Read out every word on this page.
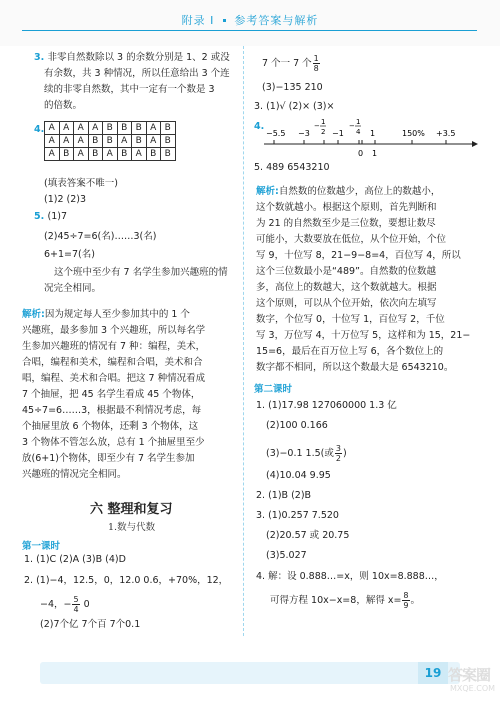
附录 I 参考答案与解析
3. 非零自然数除以 3 的余数分别是 1、2 或没
有余数，共 3 种情况，所以任意给出 3 个连
续的非零自然数，其中一定有一个数是 3
的倍数。
4. A	A	A	A	B	B	B	A	B
A	A	A	B	B	A	B	A	B
A	B	A	B	A	B	A	B	B
(填表答案不唯一)
(1)2 (2)3
5. (1)7
(2)45÷7=6(名)……3(名)
6+1=7(名)
这个班中至少有 7 名学生参加兴趣班的情
况完全相同。
解析:因为规定每人至少参加其中的 1 个
兴趣班，最多参加 3 个兴趣班，所以每名学
生参加兴趣班的情况有 7 种：编程，美术，
合唱，编程和美术，编程和合唱，美术和合
唱，编程、美术和合唱。把这 7 种情况看成
7 个抽屉，把 45 名学生看成 45 个物体，
45÷7=6……3，根据最不利情况考虑，每
个抽屉里放 6 个物体，还剩 3 个物体，这
3 个物体不管怎么放，总有 1 个抽屉里至少
放(6+1)个物体，即至少有 7 名学生参加
兴趣班的情况完全相同。
六 整理和复习
1.数与代数
第一课时
1. (1)C (2)A (3)B (4)D
2. (1)−4，12.5，0，12.0 0.6，+70%，12，
−4，− $\frac{5}{4} 0$
(2)7个亿 7个百 7个0.1
7 个一 7 个 $\frac{1}{8}$
(3)−135 210
3. (1)√ (2)× (3)×
4.
−5.5 −3
− 1
2 −1
− 1
4 1	150% +3.5
0 1
5. 489 6543210
解析:自然数的位数越少，高位上的数越小，
这个数就越小。根据这个原则，首先判断和
为 21 的自然数至少是三位数，要想让数尽
可能小，大数要放在低位，从个位开始，个位
写 9，十位写 8，21−9−8=4，百位写 4，所以
这个三位数最小是“489”。自然数的位数越
多，高位上的数越大，这个数就越大。根据
这个原则，可以从个位开始，依次向左填写
数字，个位写 0，十位写 1，百位写 2，千位
写 3，万位写 4，十万位写 5，这样和为 15，21−
15=6，最后在百万位上写 6，各个数位上的
数字都不相同，所以这个数最大是 6543210。
第二课时
1. (1)17.98 127060000 1.3 亿
(2)100 0.166
(3)−0.1 1.5(或 $\frac{3}{2}$ )
(4)10.04 9.95
2. (1)B (2)B
3. (1)0.257 7.520
(2)20.57 或 20.75
(3)5.027
4. 解：设 0.888…=x，则 10x=8.888…，
可得方程 10x−x=8，解得 $x= \frac{8}{9}$ 。
19 答案圈
MXQE.COM
